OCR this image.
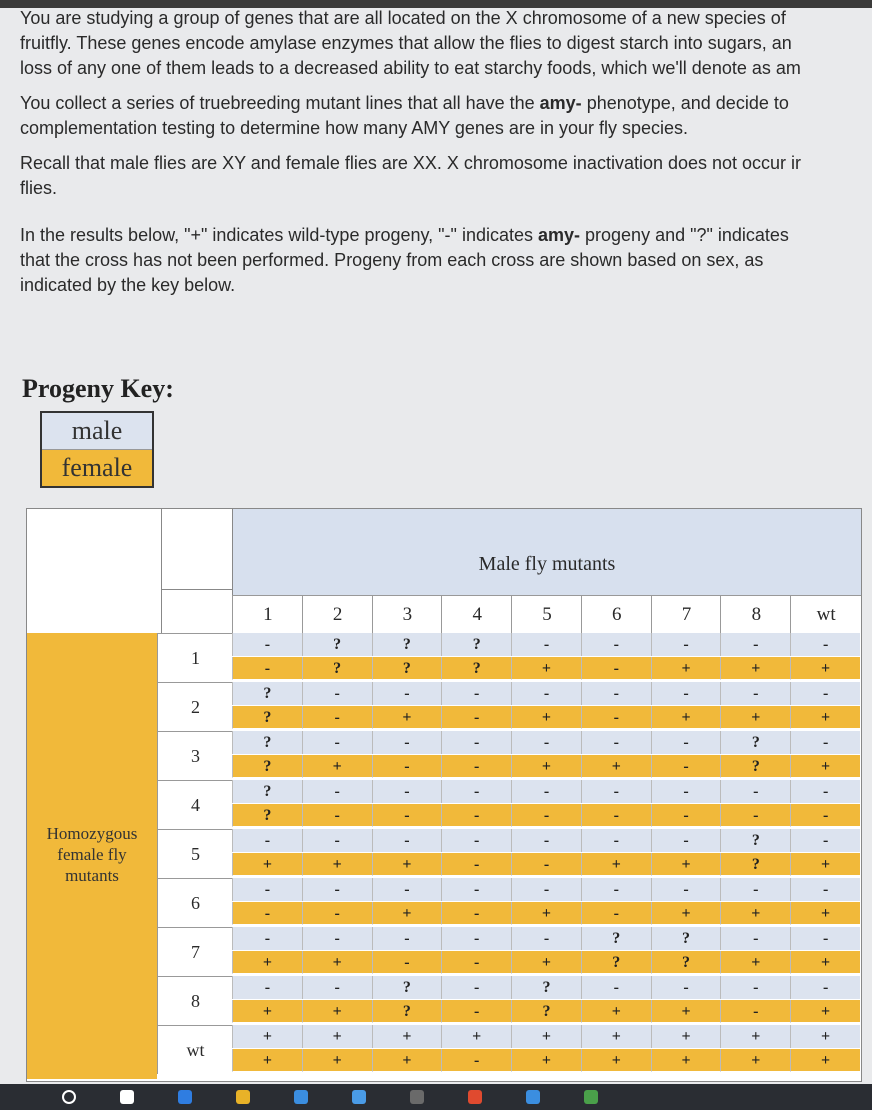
You are studying a group of genes that are all located on the X chromosome of a new species of
fruitfly. These genes encode amylase enzymes that allow the flies to digest starch into sugars, an
loss of any one of them leads to a decreased ability to eat starchy foods, which we'll denote as am

You collect a series of truebreeding mutant lines that all have the amy- phenotype, and decide to
complementation testing to determine how many AMY genes are in your fly species.

Recall that male flies are XY and female flies are XX. X chromosome inactivation does not occur ir
flies.

In the results below, "+" indicates wild-type progeny, "-" indicates amy- progeny and "?" indicates
that the cross has not been performed. Progeny from each cross are shown based on sex, as
indicated by the key below.

Progeny Key:
male
female
Male fly mutants
Homozygous
female fly
mutants
1	2	3	4	5	6	7	8	wt
1
-	?	?	?	-	-	-	-	-
-	?	?	?	+	-	+	+	+
2
?	-	-	-	-	-	-	-	-
?	-	+	-	+	-	+	+	+
3
?	-	-	-	-	-	-	?	-
?	+	-	-	+	+	-	?	+
4
?	-	-	-	-	-	-	-	-
?	-	-	-	-	-	-	-	-
5
-	-	-	-	-	-	-	?	-
+	+	+	-	-	+	+	?	+
6
-	-	-	-	-	-	-	-	-
-	-	+	-	+	-	+	+	+
7
-	-	-	-	-	?	?	-	-
+	+	-	-	+	?	?	+	+
8
-	-	?	-	?	-	-	-	-
+	+	?	-	?	+	+	-	+
wt
+	+	+	+	+	+	+	+	+
+	+	+	-	+	+	+	+	+
